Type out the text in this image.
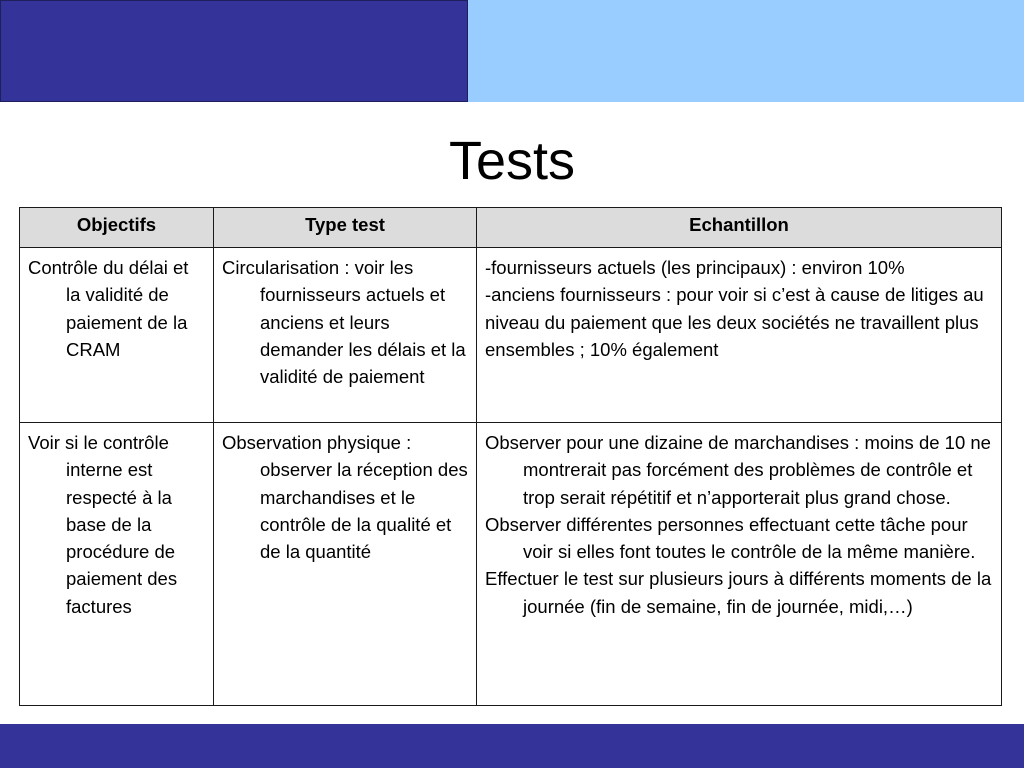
Tests
Objectifs	Type test	Echantillon

Contrôle du délai et la validité de paiement de la CRAM	Circularisation : voir les fournisseurs actuels et anciens et leurs demander les délais et la validité de paiement	-fournisseurs actuels (les principaux) : environ 10%

-anciens fournisseurs : pour voir si c’est à cause de litiges au niveau du paiement que les deux sociétés ne travaillent plus ensembles ; 10% également

Voir si le contrôle interne est respecté à la base de la procédure de paiement des factures	Observation physique : observer la réception des marchandises et le contrôle de la qualité et de la quantité	Observer pour une dizaine de marchandises : moins de 10 ne montrerait pas forcément des problèmes de contrôle et trop serait répétitif et n’apporterait plus grand chose.

Observer différentes personnes effectuant cette tâche pour voir si elles font toutes le contrôle de la même manière.

Effectuer le test sur plusieurs jours à différents moments de la journée (fin de semaine, fin de journée, midi,…)
